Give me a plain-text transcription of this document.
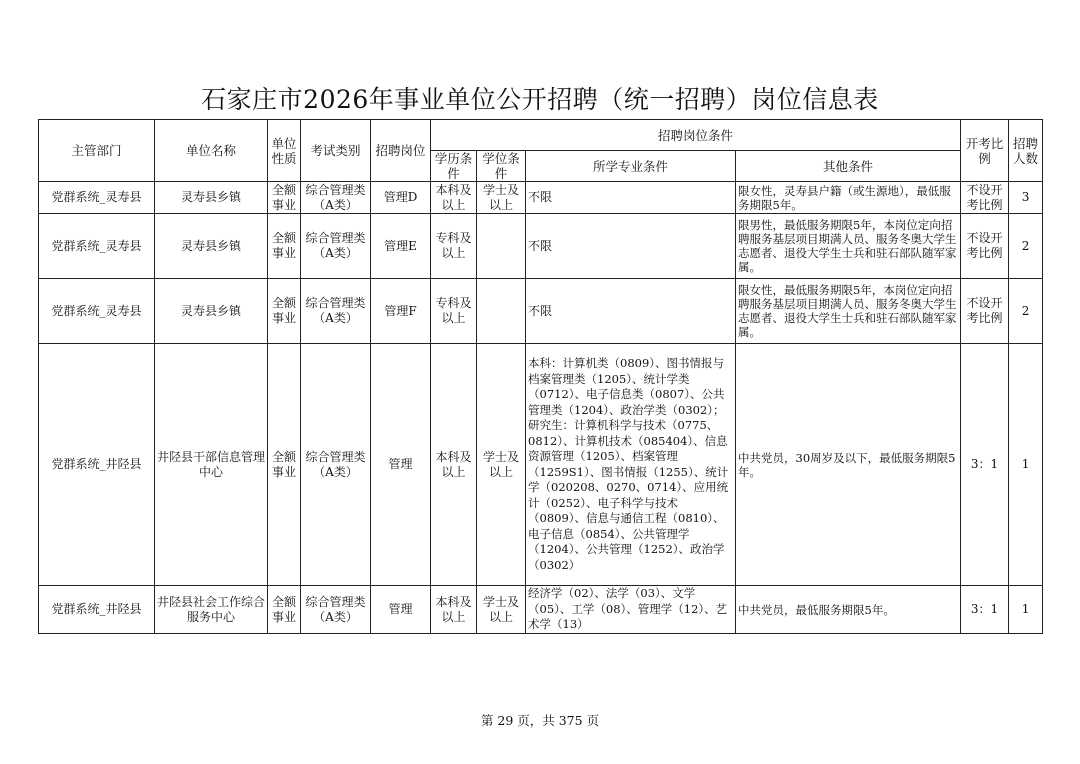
石家庄市2026年事业单位公开招聘（统一招聘）岗位信息表
主管部门	单位名称	单位性质	考试类别	招聘岗位	招聘岗位条件				开考比例	招聘人数
					学历条件	学位条件	所学专业条件	其他条件		
党群系统_灵寿县	灵寿县乡镇	全额事业	综合管理类（A类）	管理D	本科及以上	学士及以上	不限	限女性，灵寿县户籍（或生源地），最低服务期限5年。	不设开考比例	3
党群系统_灵寿县	灵寿县乡镇	全额事业	综合管理类（A类）	管理E	专科及以上		不限	限男性，最低服务期限5年，本岗位定向招聘服务基层项目期满人员、服务冬奥大学生志愿者、退役大学生士兵和驻石部队随军家属。	不设开考比例	2
党群系统_灵寿县	灵寿县乡镇	全额事业	综合管理类（A类）	管理F	专科及以上		不限	限女性，最低服务期限5年，本岗位定向招聘服务基层项目期满人员、服务冬奥大学生志愿者、退役大学生士兵和驻石部队随军家属。	不设开考比例	2
党群系统_井陉县	井陉县干部信息管理中心	全额事业	综合管理类（A类）	管理	本科及以上	学士及以上	本科：计算机类（0809）、图书情报与档案管理类（1205）、统计学类（0712）、电子信息类（0807）、公共管理类（1204）、政治学类（0302）；研究生：计算机科学与技术（0775、0812）、计算机技术（085404）、信息资源管理（1205）、档案管理（1259S1）、图书情报（1255）、统计学（020208、0270、0714）、应用统计（0252）、电子科学与技术（0809）、信息与通信工程（0810）、电子信息（0854）、公共管理学（1204）、公共管理（1252）、政治学（0302）	中共党员，30周岁及以下，最低服务期限5年。	3：1	1
党群系统_井陉县	井陉县社会工作综合服务中心	全额事业	综合管理类（A类）	管理	本科及以上	学士及以上	经济学（02）、法学（03）、文学（05）、工学（08）、管理学（12）、艺术学（13）	中共党员，最低服务期限5年。	3：1	1
第 29 页，共 375 页
